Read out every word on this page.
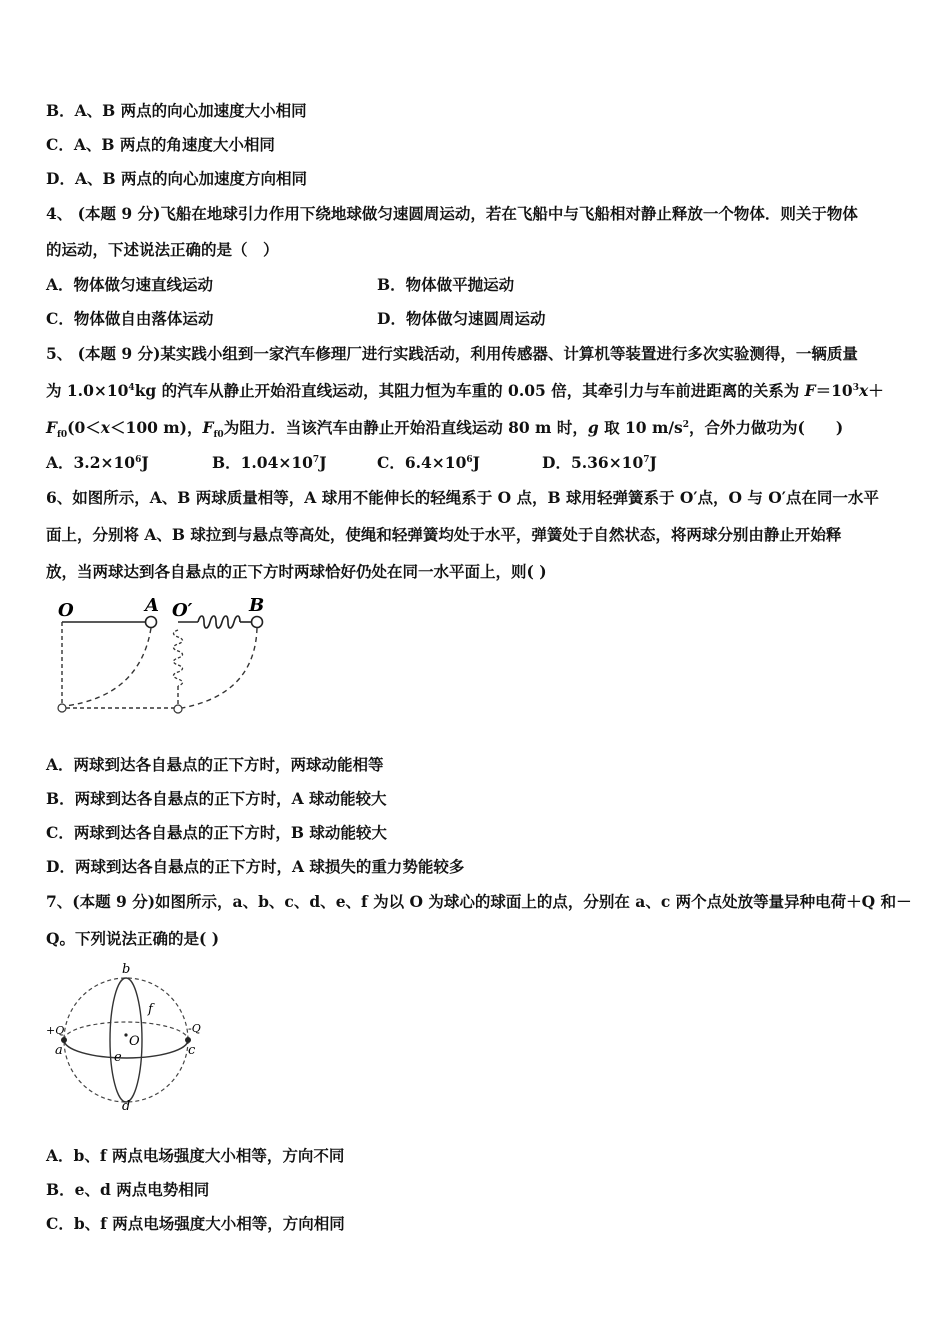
B．A、B 两点的向心加速度大小相同
C．A、B 两点的角速度大小相同
D．A、B 两点的向心加速度方向相同
4、 (本题 9 分)飞船在地球引力作用下绕地球做匀速圆周运动，若在飞船中与飞船相对静止释放一个物体．则关于物体
的运动，下述说法正确的是（　）
A．物体做匀速直线运动	B．物体做平抛运动
C．物体做自由落体运动	D．物体做匀速圆周运动
5、 (本题 9 分)某实践小组到一家汽车修理厂进行实践活动，利用传感器、计算机等装置进行多次实验测得，一辆质量
为 $1.0\times 10^4kg$ 的汽车从静止开始沿直线运动，其阻力恒为车重的 0.05 倍，其牵引力与车前进距离的关系为 $F=10^3x+$
$F_{f0}(0<x<100$ m)，$F_{f0}$为阻力．当该汽车由静止开始沿直线运动 80 m 时，g 取 10 $m/s^2$，合外力做功为(　　)
A．$3.2\times 10^6J$	B．$1.04\times 10^7J$	C．$6.4\times 10^6J$	D．$5.36\times 10^7J$
6、如图所示，A、B 两球质量相等，A 球用不能伸长的轻绳系于 O 点，B 球用轻弹簧系于 O′点，O 与 O′点在同一水平
面上，分别将 A、B 球拉到与悬点等高处，使绳和轻弹簧均处于水平，弹簧处于自然状态，将两球分别由静止开始释
放，当两球达到各自悬点的正下方时两球恰好仍处在同一水平面上，则( )
O	A O′	B
A．两球到达各自悬点的正下方时，两球动能相等
B．两球到达各自悬点的正下方时，A 球动能较大
C．两球到达各自悬点的正下方时，B 球动能较大
D．两球到达各自悬点的正下方时，A 球损失的重力势能较多
7、(本题 9 分)如图所示，a、b、c、d、e、f 为以 O 为球心的球面上的点，分别在 a、c 两个点处放等量异种电荷＋Q 和－
Q。下列说法正确的是( )
b
f
+Q	-Q
a	c
O
e
d
A．b、f 两点电场强度大小相等，方向不同
B．e、d 两点电势相同
C．b、f 两点电场强度大小相等，方向相同
